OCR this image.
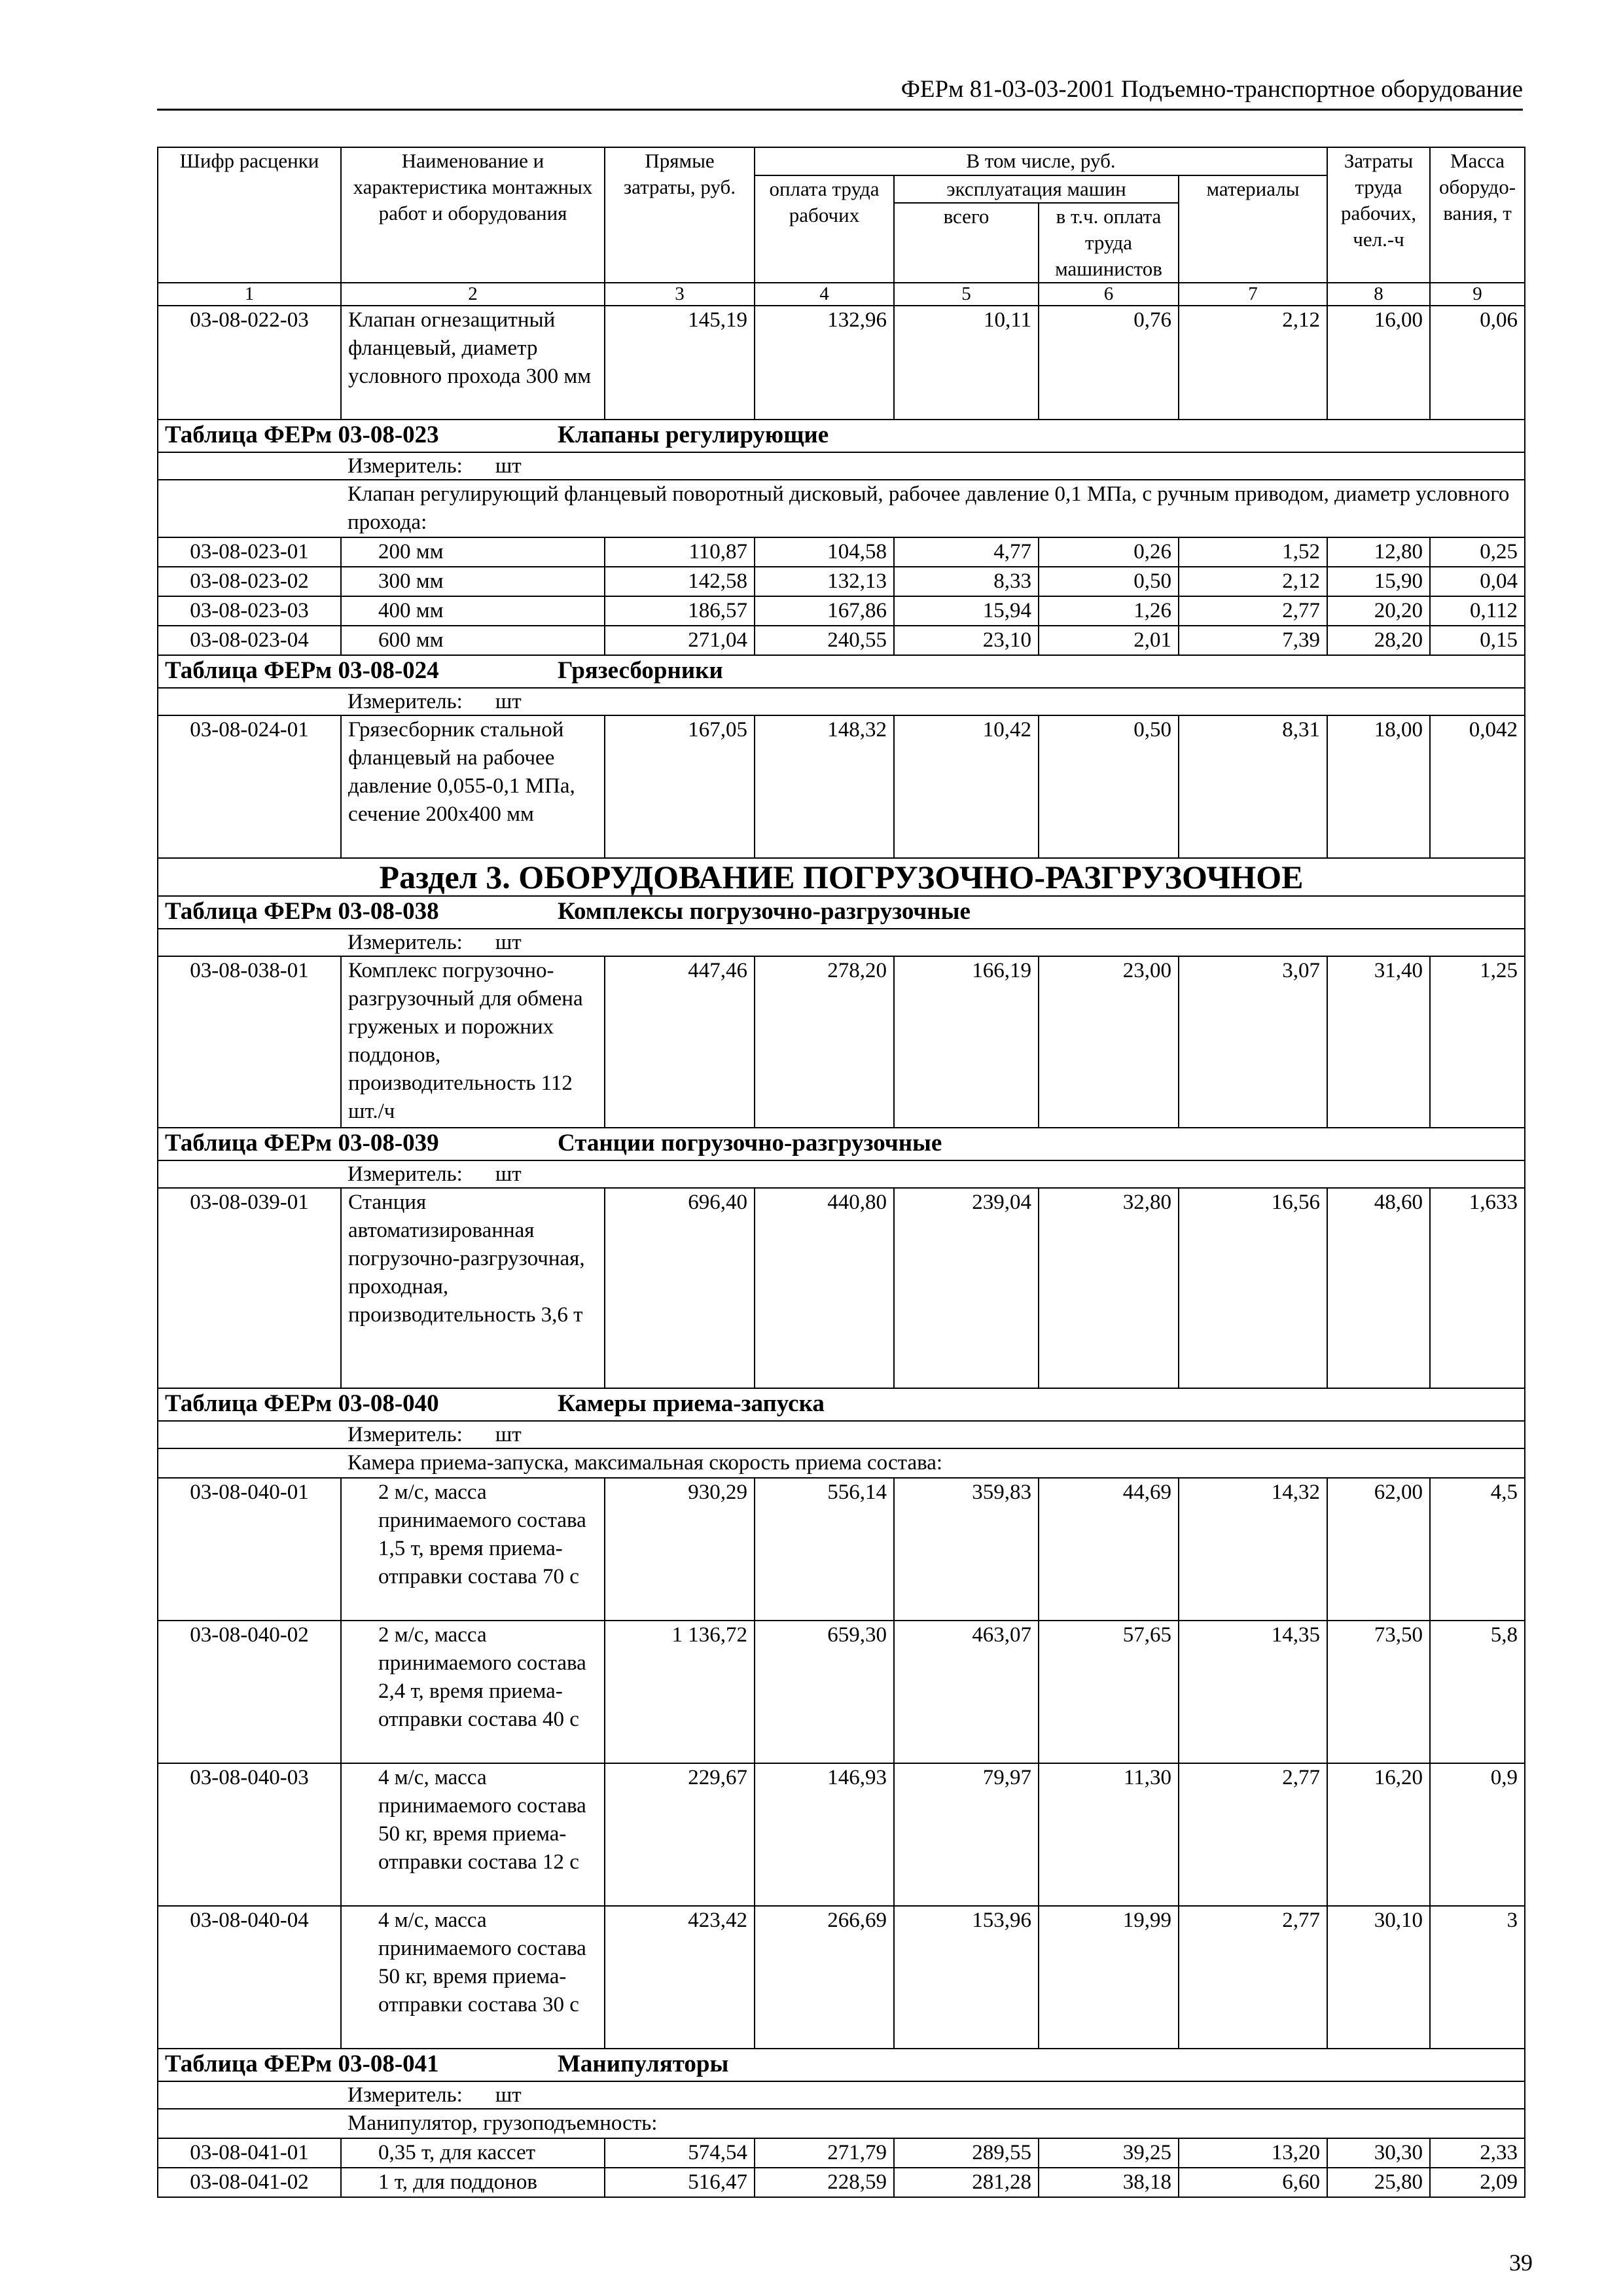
ФЕРм 81-03-03-2001 Подъемно-транспортное оборудование
Шифр расценки	Наименование и характеристика монтажных работ и оборудования	Прямые затраты, руб.	В том числе, руб.				Затраты труда рабочих, чел.-ч	Масса оборудо-вания, т
			оплата труда рабочих	эксплуатация машин		материалы		
				всего	в т.ч. оплата труда машинистов			
1	2	3	4	5	6	7	8	9
03-08-022-03	Клапан огнезащитный фланцевый, диаметр условного прохода 300 мм	145,19	132,96	10,11	0,76	2,12	16,00	0,06
Таблица ФЕРм 03-08-023 Клапаны регулирующие								
	Измеритель: шт							
	Клапан регулирующий фланцевый поворотный дисковый, рабочее давление 0,1 МПа, с ручным приводом, диаметр условного прохода:							
03-08-023-01	200 мм	110,87	104,58	4,77	0,26	1,52	12,80	0,25
03-08-023-02	300 мм	142,58	132,13	8,33	0,50	2,12	15,90	0,04
03-08-023-03	400 мм	186,57	167,86	15,94	1,26	2,77	20,20	0,112
03-08-023-04	600 мм	271,04	240,55	23,10	2,01	7,39	28,20	0,15
Таблица ФЕРм 03-08-024 Грязесборники								
	Измеритель: шт							
03-08-024-01	Грязесборник стальной фланцевый на рабочее давление 0,055-0,1 МПа, сечение 200x400 мм	167,05	148,32	10,42	0,50	8,31	18,00	0,042
Раздел 3. ОБОРУДОВАНИЕ ПОГРУЗОЧНО-РАЗГРУЗОЧНОЕ								
Таблица ФЕРм 03-08-038 Комплексы погрузочно-разгрузочные								
	Измеритель: шт							
03-08-038-01	Комплекс погрузочно-разгрузочный для обмена груженых и порожних поддонов, производительность 112 шт./ч	447,46	278,20	166,19	23,00	3,07	31,40	1,25
Таблица ФЕРм 03-08-039 Станции погрузочно-разгрузочные								
	Измеритель: шт							
03-08-039-01	Станция автоматизированная погрузочно-разгрузочная, проходная, производительность 3,6 т	696,40	440,80	239,04	32,80	16,56	48,60	1,633
Таблица ФЕРм 03-08-040 Камеры приема-запуска								
	Измеритель: шт							
	Камера приема-запуска, максимальная скорость приема состава:							
03-08-040-01	2 м/с, масса принимаемого состава 1,5 т, время приема-отправки состава 70 с	930,29	556,14	359,83	44,69	14,32	62,00	4,5
03-08-040-02	2 м/с, масса принимаемого состава 2,4 т, время приема-отправки состава 40 с	1 136,72	659,30	463,07	57,65	14,35	73,50	5,8
03-08-040-03	4 м/с, масса принимаемого состава 50 кг, время приема-отправки состава 12 с	229,67	146,93	79,97	11,30	2,77	16,20	0,9
03-08-040-04	4 м/с, масса принимаемого состава 50 кг, время приема-отправки состава 30 с	423,42	266,69	153,96	19,99	2,77	30,10	3
Таблица ФЕРм 03-08-041 Манипуляторы								
	Измеритель: шт							
	Манипулятор, грузоподъемность:							
03-08-041-01	0,35 т, для кассет	574,54	271,79	289,55	39,25	13,20	30,30	2,33
03-08-041-02	1 т, для поддонов	516,47	228,59	281,28	38,18	6,60	25,80	2,09
39
